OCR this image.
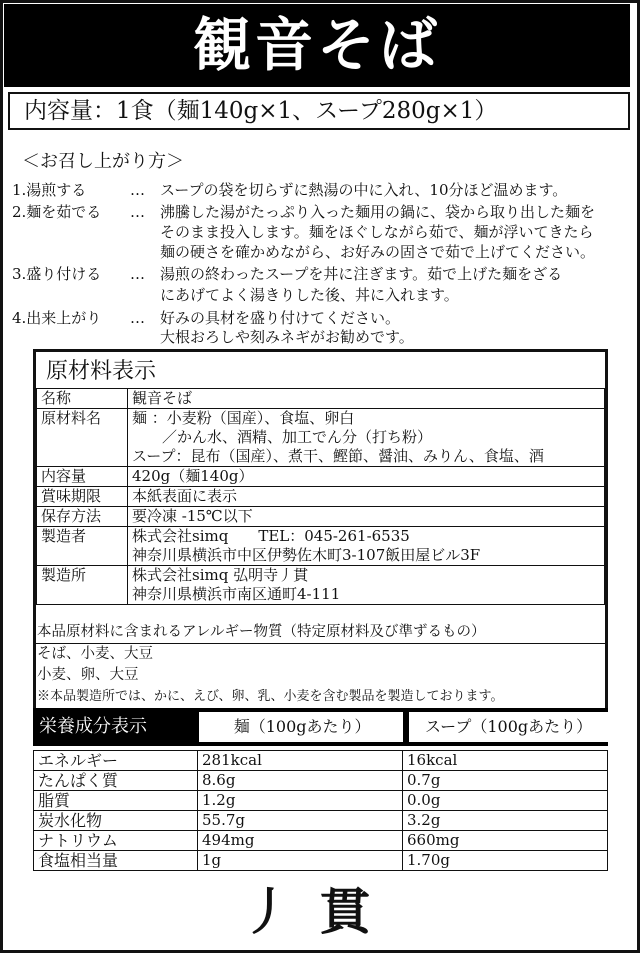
観音そば
内容量：1食（麺140g×1、スープ280g×1）
＜お召し上がり方＞
1.湯煎する	… スープの袋を切らずに熱湯の中に入れ、10分ほど温めます。
2.麺を茹でる … 沸騰した湯がたっぷり入った麺用の鍋に、袋から取り出した麺を
そのまま投入します。麺をほぐしながら茹で、麺が浮いてきたら
麺の硬さを確かめながら、お好みの固さで茹で上げてください。
3.盛り付ける … 湯煎の終わったスープを丼に注ぎます。茹で上げた麺をざる
にあげてよく湯きりした後、丼に入れます。
4.出来上がり … 好みの具材を盛り付けてください。
大根おろしや刻みネギがお勧めです。
原材料表示
名称	観音そば

原材料名	麺 ：小麦粉（国産）、食塩、卵白
　　／かん水、酒精、加工でん分（打ち粉）
スープ：昆布（国産）、煮干、鰹節、醤油、みりん、食塩、酒

内容量	420g（麺140g）

賞味期限	本紙表面に表示

保存方法	要冷凍 -15℃以下

製造者	株式会社simq　　TEL：045-261-6535
神奈川県横浜市中区伊勢佐木町3-107飯田屋ビル3F

製造所	株式会社simq 弘明寺丿貫
神奈川県横浜市南区通町4-111
本品原材料に含まれるアレルギー物質（特定原材料及び準ずるもの）
そば、小麦、大豆
小麦、卵、大豆
※本品製造所では、かに、えび、卵、乳、小麦を含む製品を製造しております。
栄養成分表示	麺（100gあたり）	スープ（100gあたり）
エネルギー	281kcal	16kcal
たんぱく質	8.6g	0.7g
脂質	1.2g	0.0g
炭水化物	55.7g	3.2g
ナトリウム	494mg	660mg
食塩相当量	1g	1.70g
丿貫
